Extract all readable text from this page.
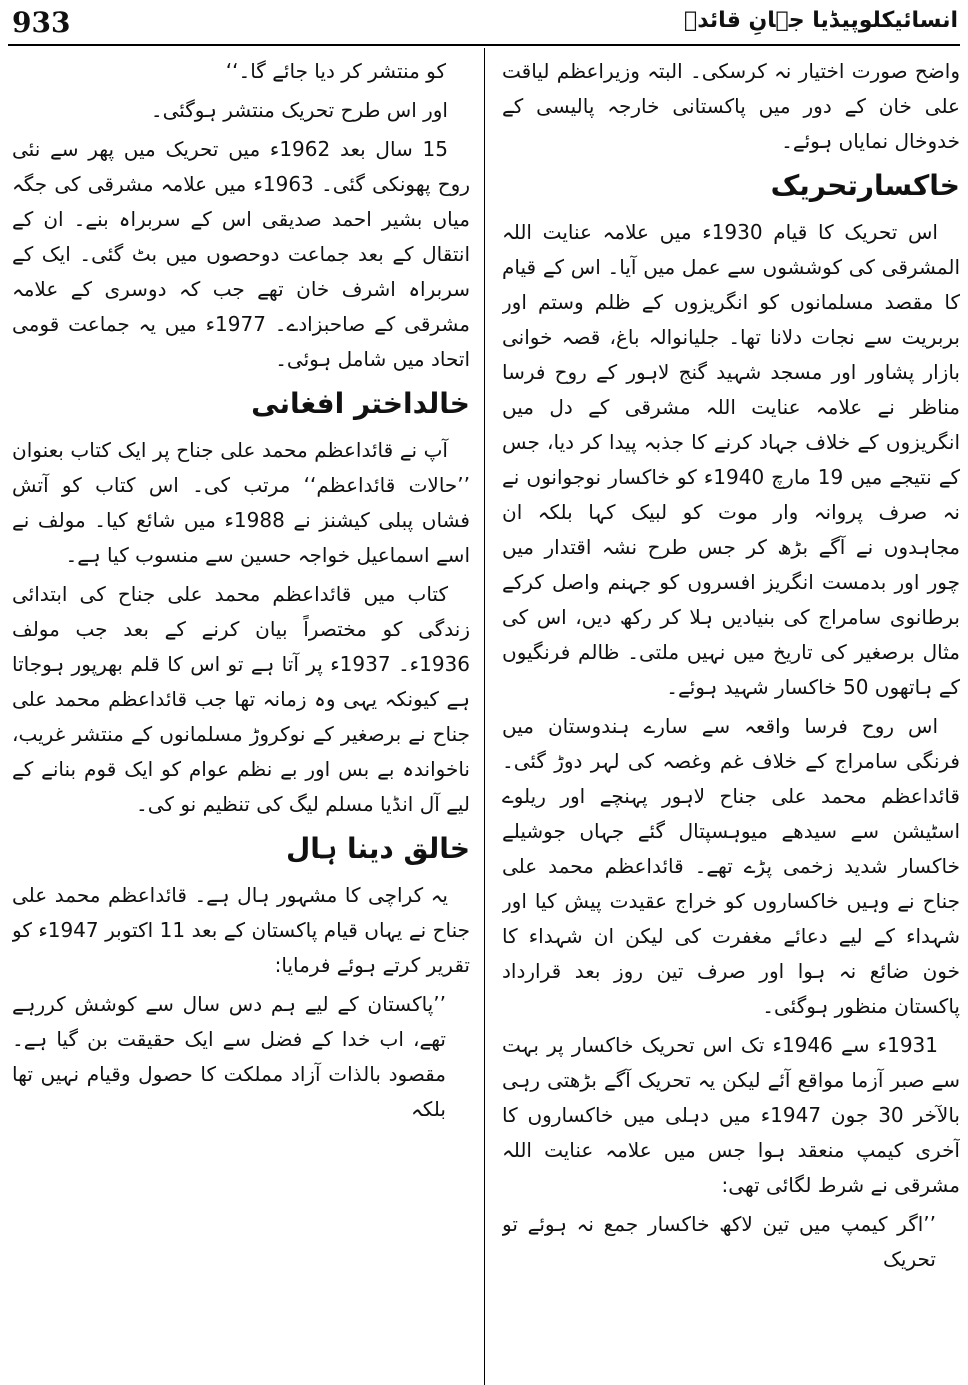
933	انسائیکلوپیڈیا جہانِ قائدؒ

واضح صورت اختیار نہ کرسکی۔ البتہ وزیراعظم لیاقت علی خان کے دور میں پاکستانی خارجہ پالیسی کے خدوخال نمایاں ہوئے۔

خاکسارتحریک

اس تحریک کا قیام 1930ء میں علامہ عنایت اللہ المشرقی کی کوششوں سے عمل میں آیا۔ اس کے قیام کا مقصد مسلمانوں کو انگریزوں کے ظلم وستم اور بربریت سے نجات دلانا تھا۔ جلیانوالہ باغ، قصہ خوانی بازار پشاور اور مسجد شہید گنج لاہور کے روح فرسا مناظر نے علامہ عنایت اللہ مشرقی کے دل میں انگریزوں کے خلاف جہاد کرنے کا جذبہ پیدا کر دیا، جس کے نتیجے میں 19 مارچ 1940ء کو خاکسار نوجوانوں نے نہ صرف پروانہ وار موت کو لبیک کہا بلکہ ان مجاہدوں نے آگے بڑھ کر جس طرح نشہ اقتدار میں چور اور بدمست انگریز افسروں کو جہنم واصل کرکے برطانوی سامراج کی بنیادیں ہلا کر رکھ دیں، اس کی مثال برصغیر کی تاریخ میں نہیں ملتی۔ ظالم فرنگیوں کے ہاتھوں 50 خاکسار شہید ہوئے۔

اس روح فرسا واقعہ سے سارے ہندوستان میں فرنگی سامراج کے خلاف غم وغصہ کی لہر دوڑ گئی۔ قائداعظم محمد علی جناح لاہور پہنچے اور ریلوے اسٹیشن سے سیدھے میوہسپتال گئے جہاں جوشیلے خاکسار شدید زخمی پڑے تھے۔ قائداعظم محمد علی جناح نے وہیں خاکساروں کو خراج عقیدت پیش کیا اور شہداء کے لیے دعائے مغفرت کی لیکن ان شہداء کا خون ضائع نہ ہوا اور صرف تین روز بعد قرارداد پاکستان منظور ہوگئی۔

1931ء سے 1946ء تک اس تحریک خاکسار پر بہت سے صبر آزما مواقع آئے لیکن یہ تحریک آگے بڑھتی رہی بالآخر 30 جون 1947ء میں دہلی میں خاکساروں کا آخری کیمپ منعقد ہوا جس میں علامہ عنایت اللہ مشرقی نے شرط لگائی تھی:

’’اگر کیمپ میں تین لاکھ خاکسار جمع نہ ہوئے تو تحریک

کو منتشر کر دیا جائے گا۔‘‘

اور اس طرح تحریک منتشر ہوگئی۔

15 سال بعد 1962ء میں تحریک میں پھر سے نئی روح پھونکی گئی۔ 1963ء میں علامہ مشرقی کی جگہ میاں بشیر احمد صدیقی اس کے سربراہ بنے۔ ان کے انتقال کے بعد جماعت دوحصوں میں بٹ گئی۔ ایک کے سربراہ اشرف خان تھے جب کہ دوسری کے علامہ مشرقی کے صاحبزادے۔ 1977ء میں یہ جماعت قومی اتحاد میں شامل ہوئی۔

خالداختر افغانی

آپ نے قائداعظم محمد علی جناح پر ایک کتاب بعنوان ’’حالات قائداعظم‘‘ مرتب کی۔ اس کتاب کو آتش فشاں پبلی کیشنز نے 1988ء میں شائع کیا۔ مولف نے اسے اسماعیل خواجہ حسین سے منسوب کیا ہے۔

کتاب میں قائداعظم محمد علی جناح کی ابتدائی زندگی کو مختصراً بیان کرنے کے بعد جب مولف 1936ء۔ 1937ء پر آتا ہے تو اس کا قلم بھرپور ہوجاتا ہے کیونکہ یہی وہ زمانہ تھا جب قائداعظم محمد علی جناح نے برصغیر کے نوکروڑ مسلمانوں کے منتشر غریب، ناخواندہ بے بس اور بے نظم عوام کو ایک قوم بنانے کے لیے آل انڈیا مسلم لیگ کی تنظیم نو کی۔

خالق دینا ہال

یہ کراچی کا مشہور ہال ہے۔ قائداعظم محمد علی جناح نے یہاں قیام پاکستان کے بعد 11 اکتوبر 1947ء کو تقریر کرتے ہوئے فرمایا:

’’پاکستان کے لیے ہم دس سال سے کوشش کررہے تھے، اب خدا کے فضل سے ایک حقیقت بن گیا ہے۔ مقصود بالذات آزاد مملکت کا حصول وقیام نہیں تھا بلکہ
